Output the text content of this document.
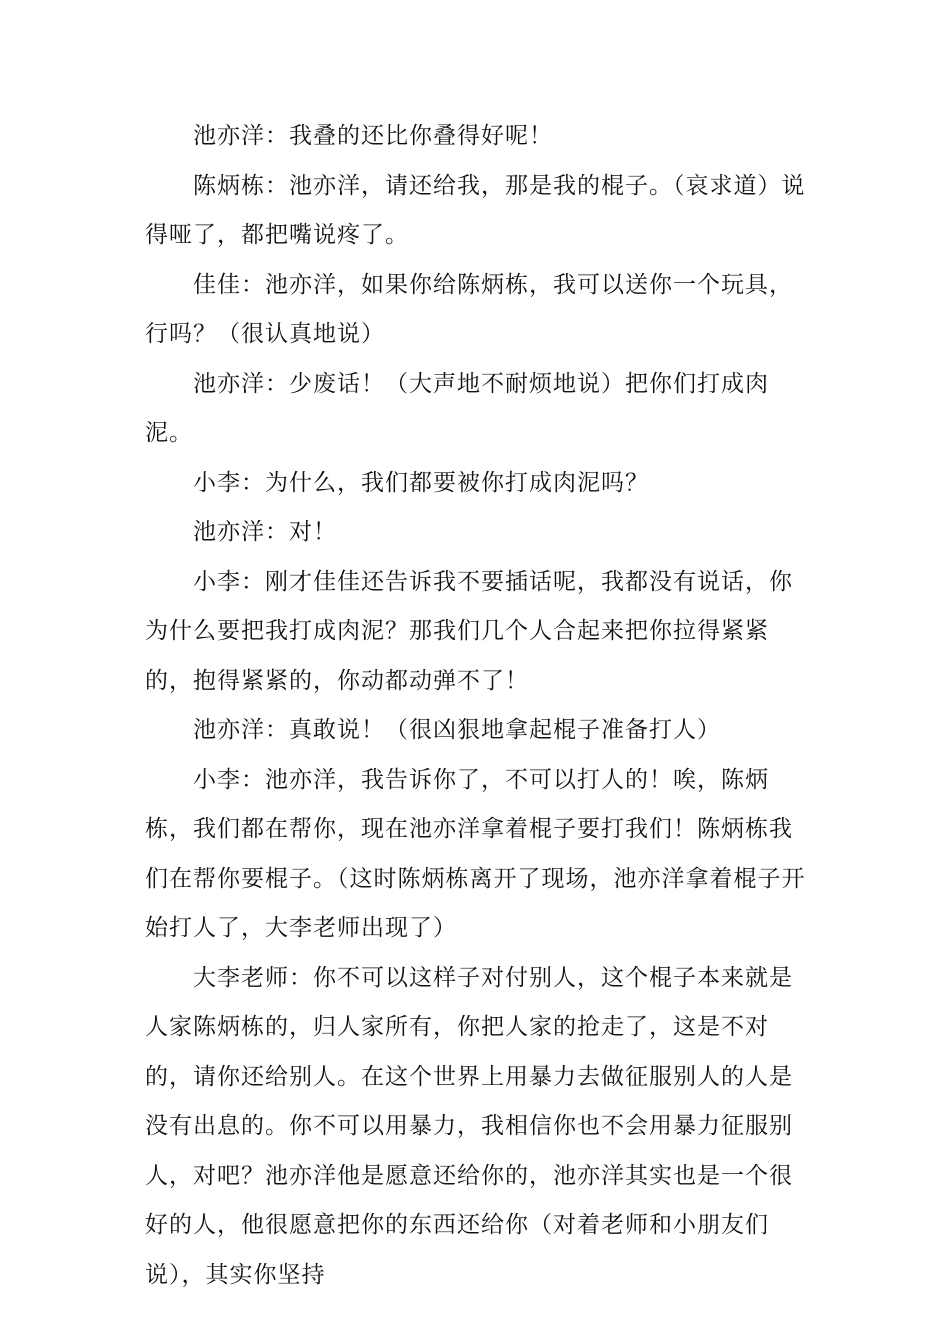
池亦洋：我叠的还比你叠得好呢！

陈炳栋：池亦洋，请还给我，那是我的棍子。（哀求道）说得哑了，都把嘴说疼了。

佳佳：池亦洋，如果你给陈炳栋，我可以送你一个玩具，行吗？（很认真地说）

池亦洋：少废话！（大声地不耐烦地说）把你们打成肉泥。

小李：为什么，我们都要被你打成肉泥吗？

池亦洋：对！

小李：刚才佳佳还告诉我不要插话呢，我都没有说话，你为什么要把我打成肉泥？那我们几个人合起来把你拉得紧紧的，抱得紧紧的，你动都动弹不了！

池亦洋：真敢说！（很凶狠地拿起棍子准备打人）

小李：池亦洋，我告诉你了，不可以打人的！唉，陈炳栋，我们都在帮你，现在池亦洋拿着棍子要打我们！陈炳栋我们在帮你要棍子。（这时陈炳栋离开了现场，池亦洋拿着棍子开始打人了，大李老师出现了）

大李老师：你不可以这样子对付别人，这个棍子本来就是人家陈炳栋的，归人家所有，你把人家的抢走了，这是不对的，请你还给别人。在这个世界上用暴力去做征服别人的人是没有出息的。你不可以用暴力，我相信你也不会用暴力征服别人，对吧？池亦洋他是愿意还给你的，池亦洋其实也是一个很好的人，他很愿意把你的东西还给你（对着老师和小朋友们说），其实你坚持
